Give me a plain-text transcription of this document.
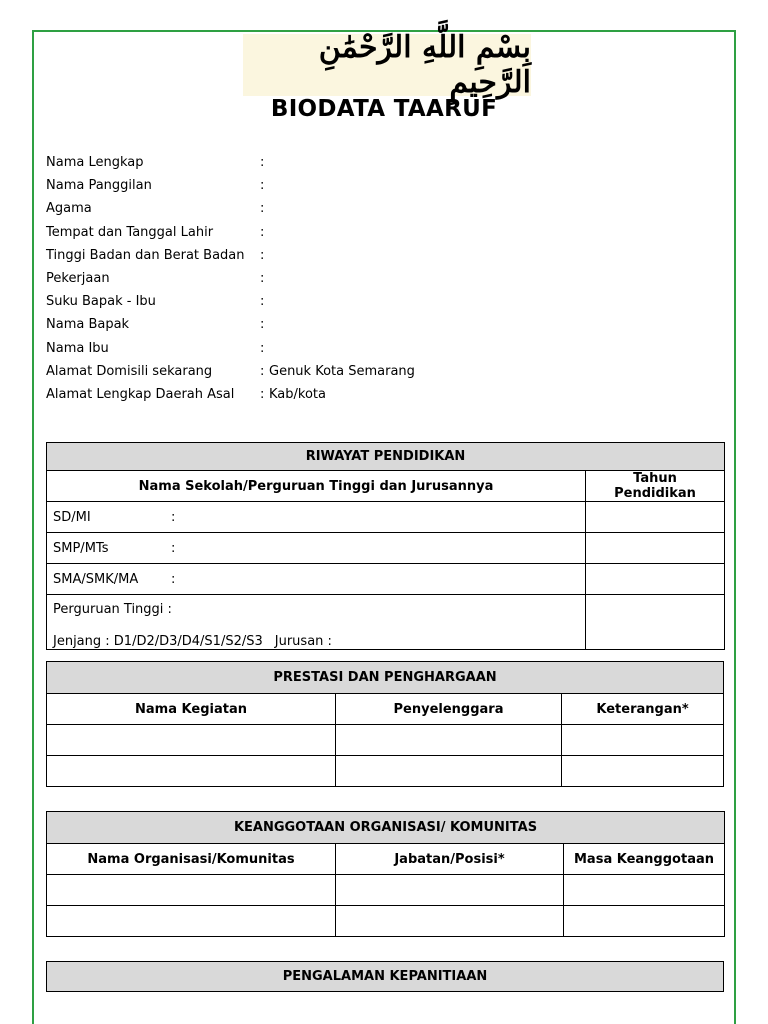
بِسْمِ اللَّهِ الرَّحْمَٰنِ الرَّحِيمِ
BIODATA TAARUF
Nama Lengkap	:
Nama Panggilan	:
Agama	:
Tempat dan Tanggal Lahir	:
Tinggi Badan dan Berat Badan	:
Pekerjaan	:
Suku Bapak - Ibu	:
Nama Bapak	:
Nama Ibu	:
Alamat Domisili sekarang	: Genuk Kota Semarang
Alamat Lengkap Daerah Asal	: Kab/kota
RIWAYAT PENDIDIKAN	
Nama Sekolah/Perguruan Tinggi dan Jurusannya	Tahun Pendidikan
SD/MI :	
SMP/MTs :	
SMA/SMK/MA :	

Perguruan Tinggi :
Jenjang : D1/D2/D3/D4/S1/S2/S3 Jurusan :	

PRESTASI DAN PENGHARGAAN		
Nama Kegiatan	Penyelenggara	Keterangan*

KEANGGOTAAN ORGANISASI/ KOMUNITAS		
Nama Organisasi/Komunitas	Jabatan/Posisi*	Masa Keanggotaan

PENGALAMAN KEPANITIAAN
